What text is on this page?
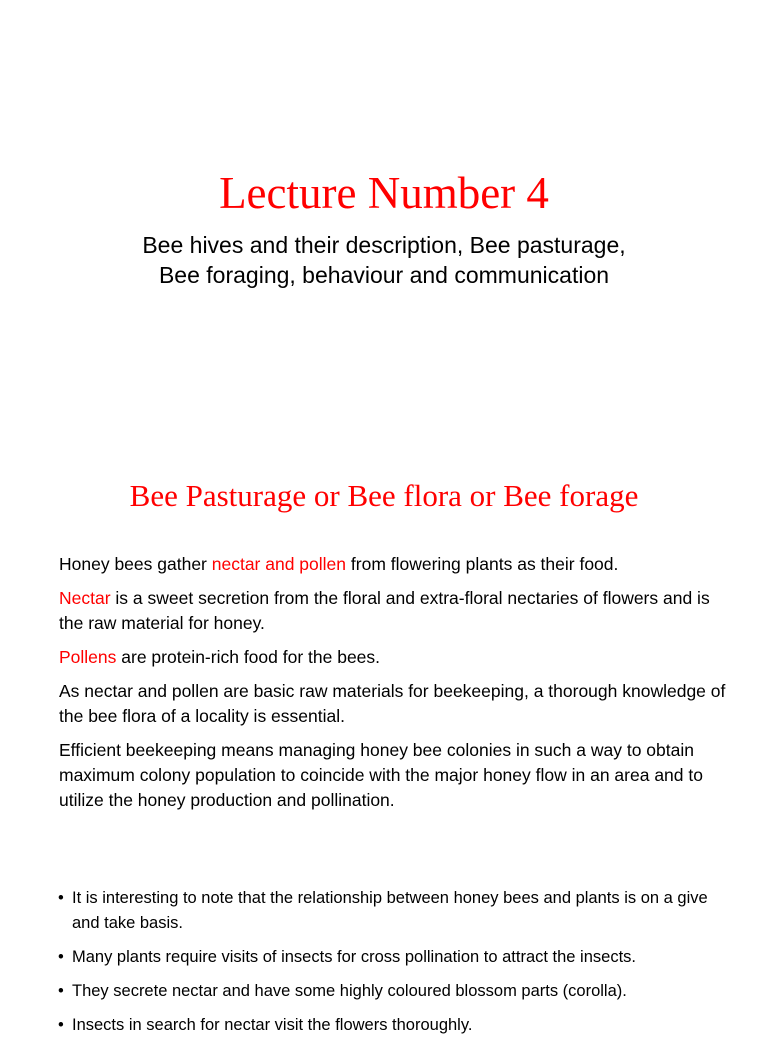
Lecture Number 4

Bee hives and their description, Bee pasturage,
Bee foraging, behaviour and communication

Bee Pasturage or Bee flora or Bee forage

Honey bees gather nectar and pollen from flowering plants as their food.

Nectar is a sweet secretion from the floral and extra-floral nectaries of flowers and is the raw material for honey.

Pollens are protein-rich food for the bees.

As nectar and pollen are basic raw materials for beekeeping, a thorough knowledge of the bee flora of a locality is essential.

Efficient beekeeping means managing honey bee colonies in such a way to obtain maximum colony population to coincide with the major honey flow in an area and to utilize the honey production and pollination.

• It is interesting to note that the relationship between honey bees and plants is on a give and take basis.
• Many plants require visits of insects for cross pollination to attract the insects.
• They secrete nectar and have some highly coloured blossom parts (corolla).
• Insects in search for nectar visit the flowers thoroughly.
